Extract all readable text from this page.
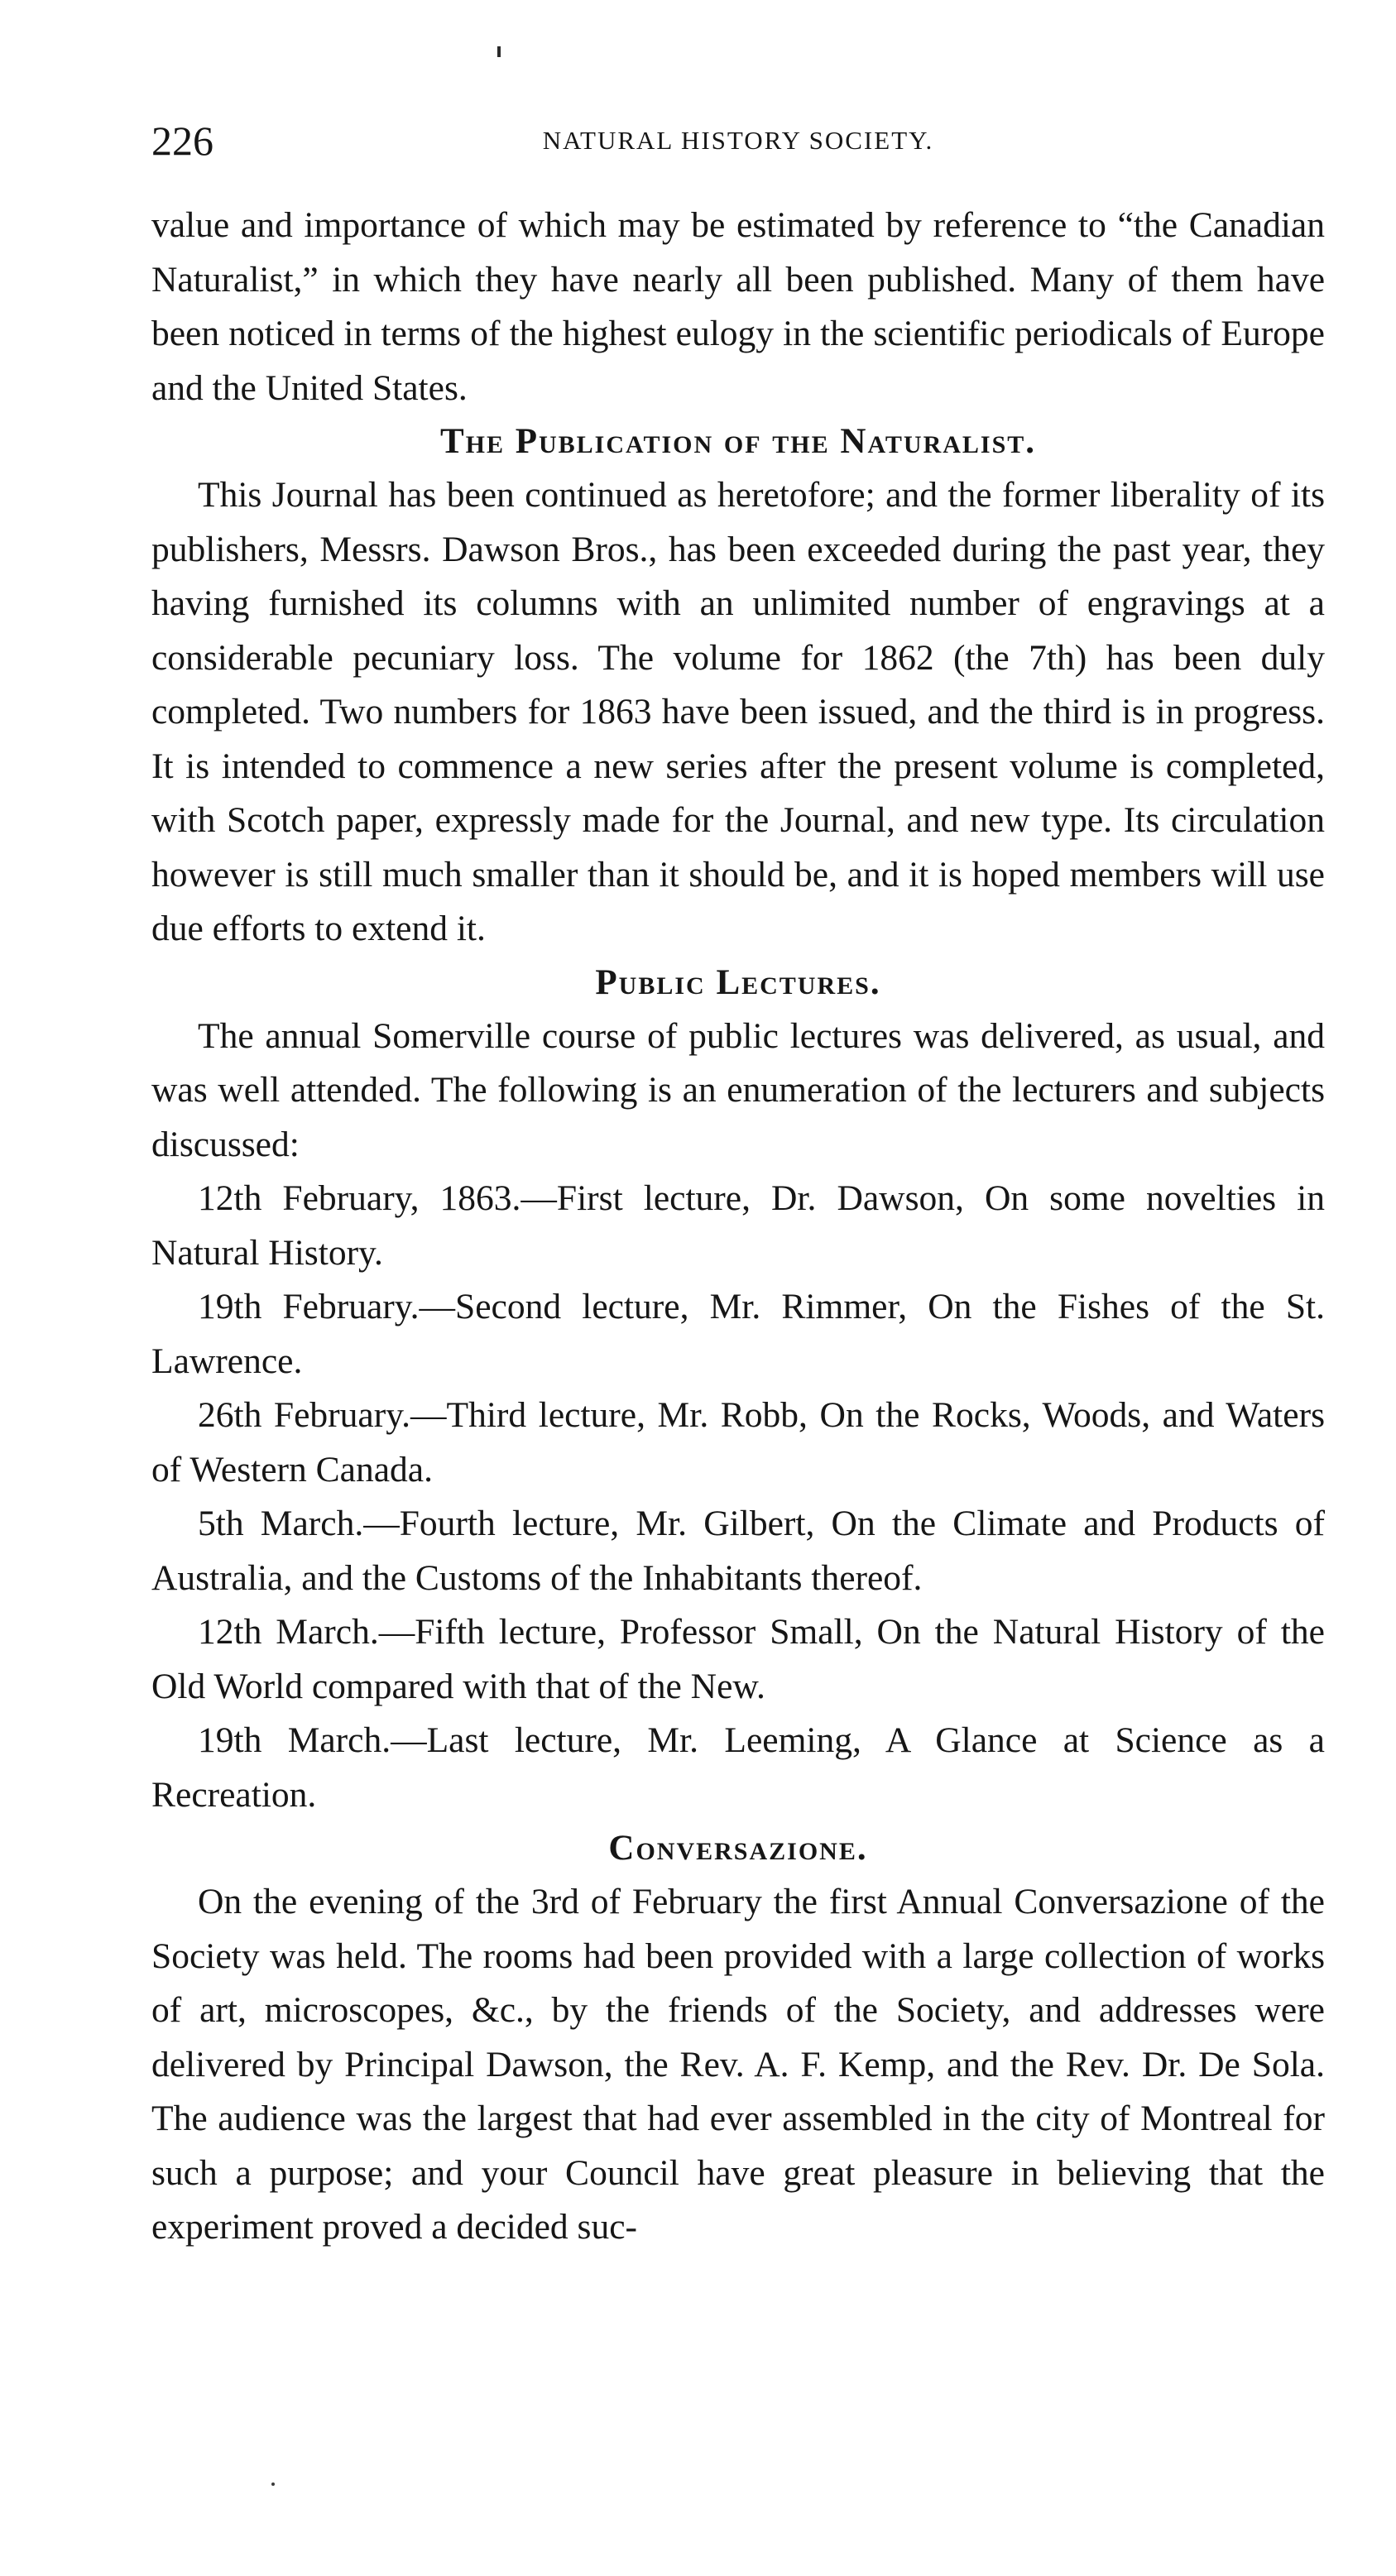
226	NATURAL HISTORY SOCIETY.

value and importance of which may be estimated by reference to “the Canadian Naturalist,” in which they have nearly all been published. Many of them have been noticed in terms of the highest eulogy in the scientific periodicals of Europe and the United States.

The Publication of the Naturalist.

This Journal has been continued as heretofore; and the former liberality of its publishers, Messrs. Dawson Bros., has been exceeded during the past year, they having furnished its columns with an unlimited number of engravings at a considerable pecuniary loss. The volume for 1862 (the 7th) has been duly completed. Two numbers for 1863 have been issued, and the third is in progress. It is intended to commence a new series after the present volume is completed, with Scotch paper, expressly made for the Journal, and new type. Its circulation however is still much smaller than it should be, and it is hoped members will use due efforts to extend it.

Public Lectures.

The annual Somerville course of public lectures was delivered, as usual, and was well attended. The following is an enumeration of the lecturers and subjects discussed:

12th February, 1863.—First lecture, Dr. Dawson, On some novelties in Natural History.

19th February.—Second lecture, Mr. Rimmer, On the Fishes of the St. Lawrence.

26th February.—Third lecture, Mr. Robb, On the Rocks, Woods, and Waters of Western Canada.

5th March.—Fourth lecture, Mr. Gilbert, On the Climate and Products of Australia, and the Customs of the Inhabitants thereof.

12th March.—Fifth lecture, Professor Small, On the Natural History of the Old World compared with that of the New.

19th March.—Last lecture, Mr. Leeming, A Glance at Science as a Recreation.

Conversazione.

On the evening of the 3rd of February the first Annual Conversazione of the Society was held. The rooms had been provided with a large collection of works of art, microscopes, &c., by the friends of the Society, and addresses were delivered by Principal Dawson, the Rev. A. F. Kemp, and the Rev. Dr. De Sola. The audience was the largest that had ever assembled in the city of Montreal for such a purpose; and your Council have great pleasure in believing that the experiment proved a decided suc-
